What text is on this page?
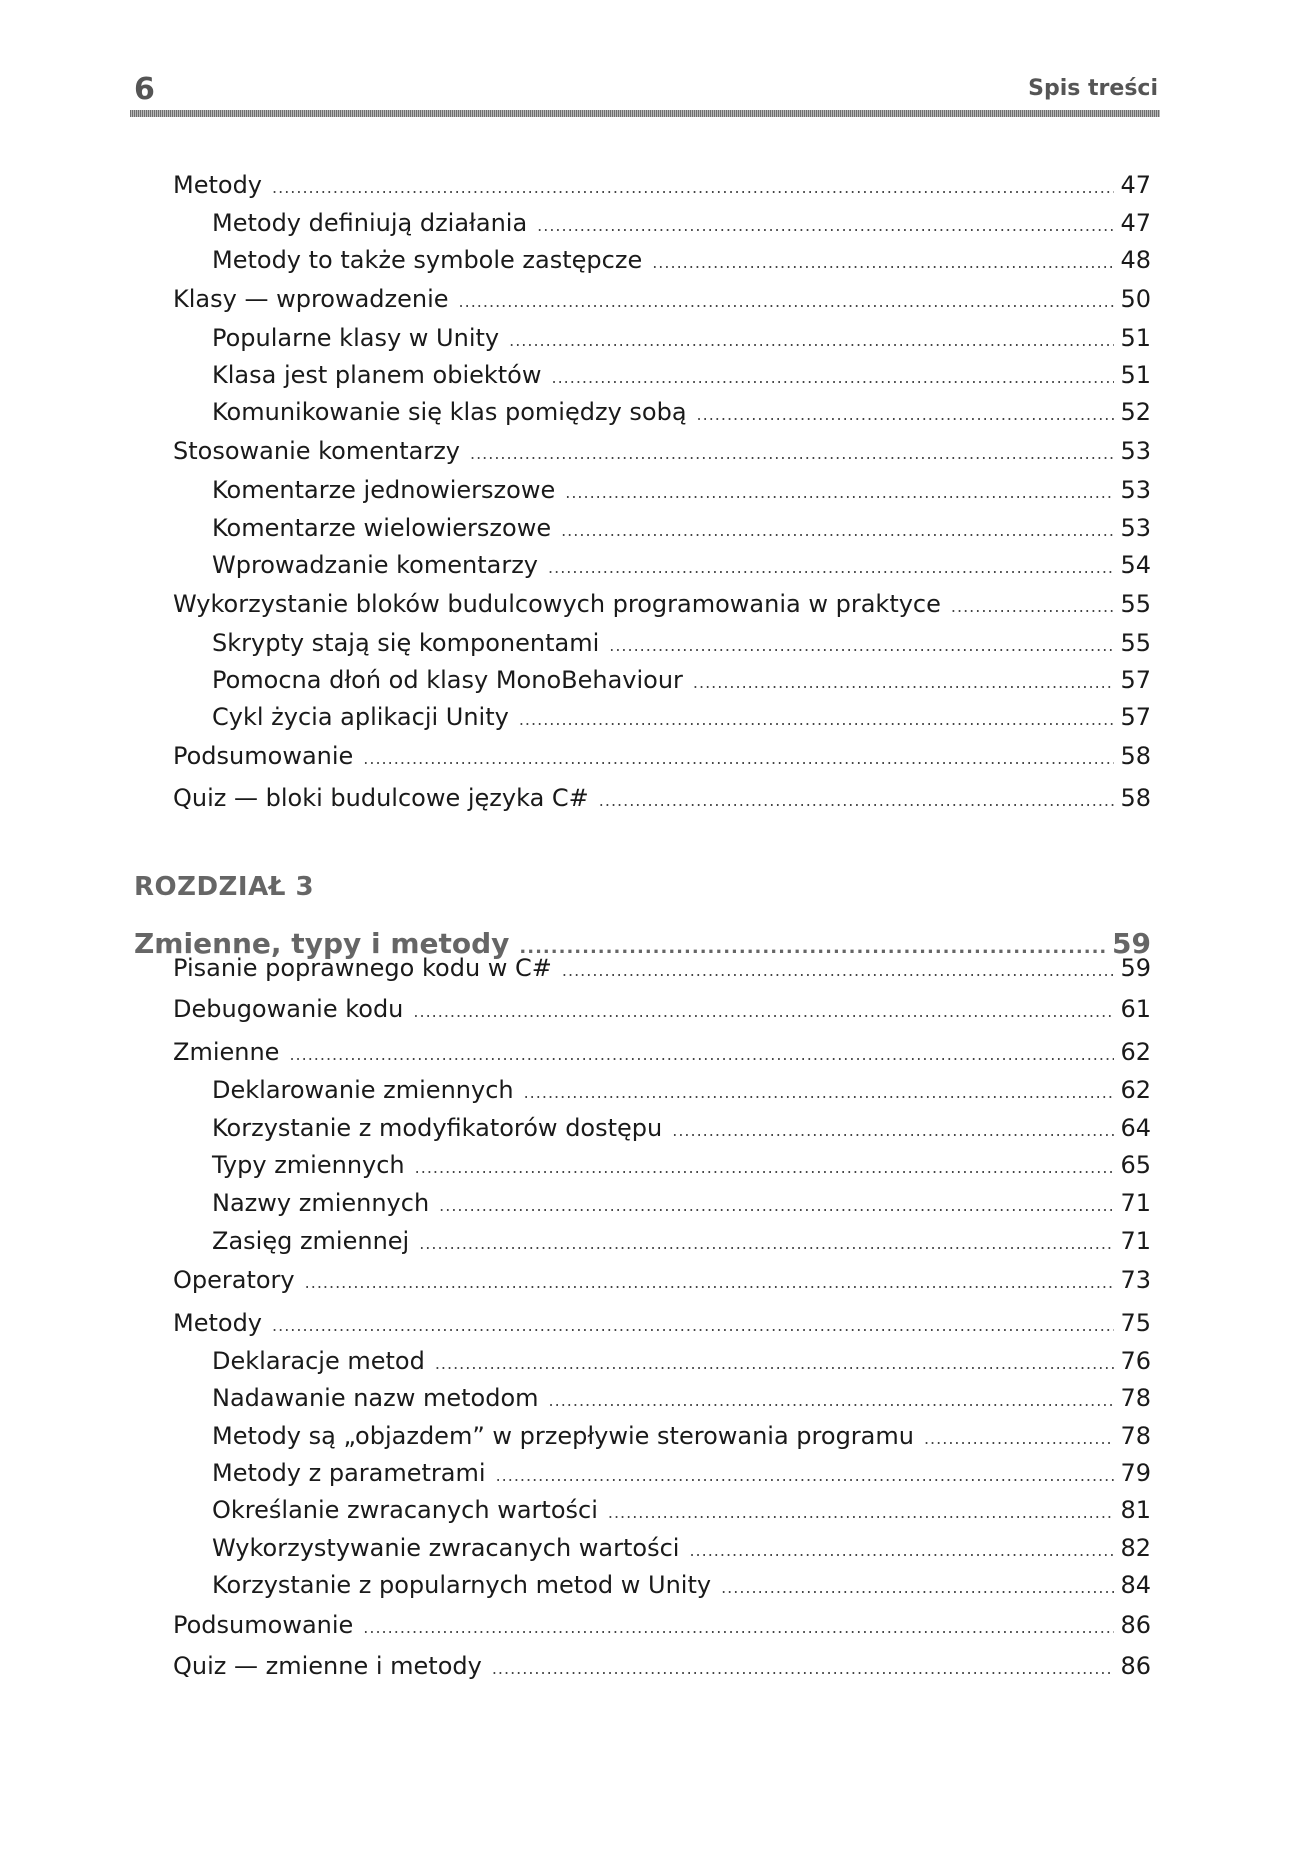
6	Spis treści
ROZDZIAŁ 3
Zmienne, typy i metody .....	59
Metody .....	47
Metody definiują działania .....	47
Metody to także symbole zastępcze .....	48
Klasy — wprowadzenie .....	50
Popularne klasy w Unity .....	51
Klasa jest planem obiektów .....	51
Komunikowanie się klas pomiędzy sobą .....	52
Stosowanie komentarzy .....	53
Komentarze jednowierszowe .....	53
Komentarze wielowierszowe .....	53
Wprowadzanie komentarzy .....	54
Wykorzystanie bloków budulcowych programowania w praktyce .....	55
Skrypty stają się komponentami .....	55
Pomocna dłoń od klasy MonoBehaviour .....	57
Cykl życia aplikacji Unity .....	57
Podsumowanie .....	58
Quiz — bloki budulcowe języka C# .....	58
Pisanie poprawnego kodu w C# .....	59
Debugowanie kodu .....	61
Zmienne .....	62
Deklarowanie zmiennych .....	62
Korzystanie z modyfikatorów dostępu .....	64
Typy zmiennych .....	65
Nazwy zmiennych .....	71
Zasięg zmiennej .....	71
Operatory .....	73
Metody .....	75
Deklaracje metod .....	76
Nadawanie nazw metodom .....	78
Metody są „objazdem” w przepływie sterowania programu .....	78
Metody z parametrami .....	79
Określanie zwracanych wartości .....	81
Wykorzystywanie zwracanych wartości .....	82
Korzystanie z popularnych metod w Unity .....	84
Podsumowanie .....	86
Quiz — zmienne i metody .....	86
